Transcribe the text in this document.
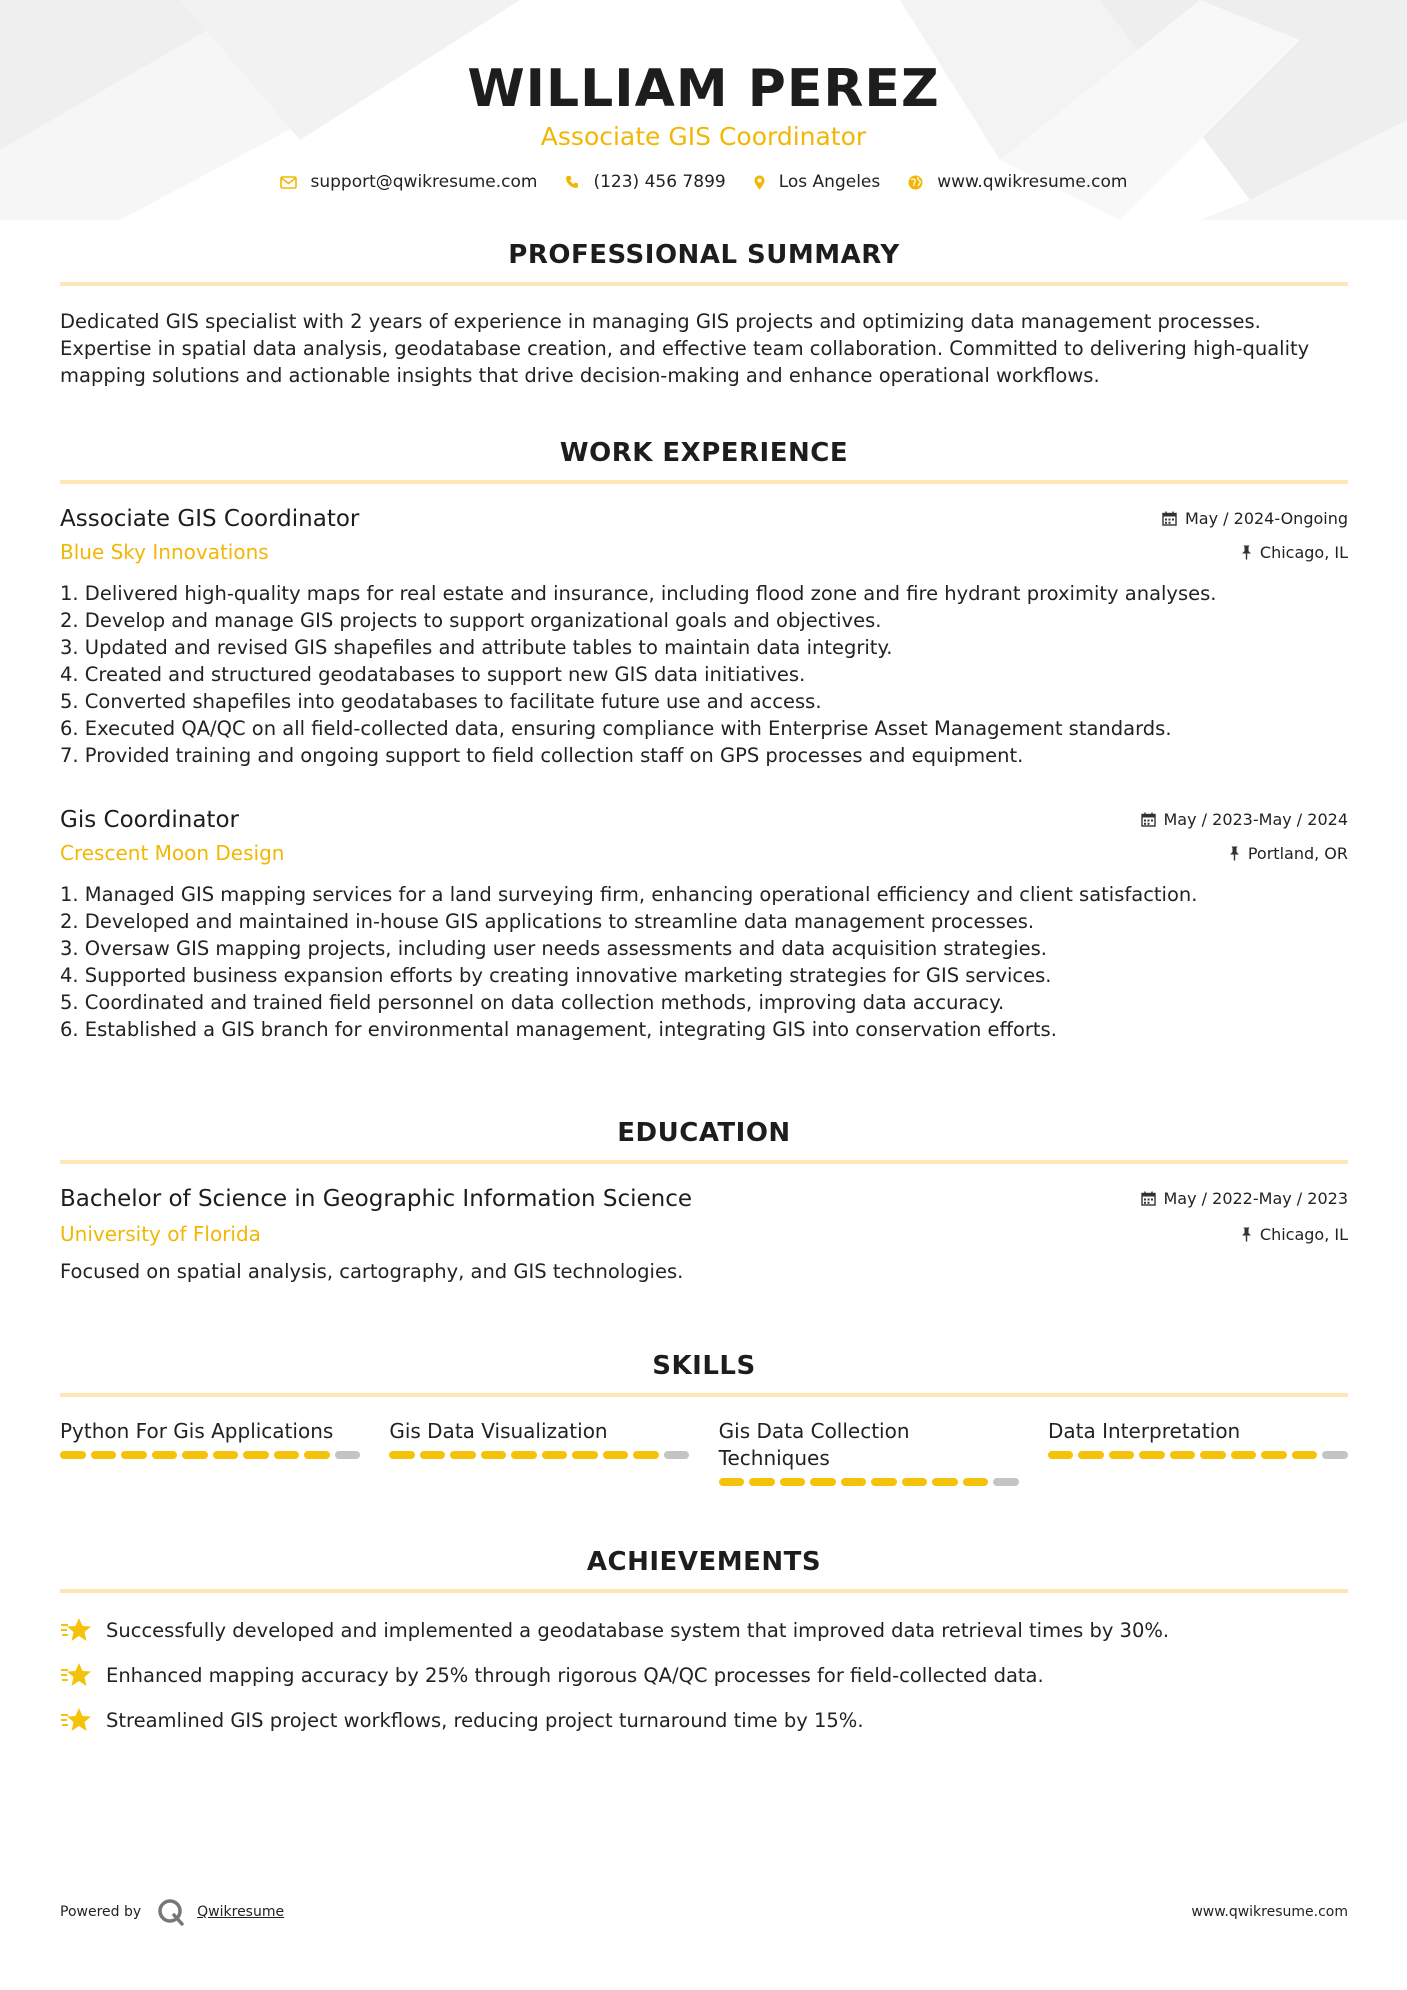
WILLIAM PEREZ
Associate GIS Coordinator
support@qwikresume.com	(123) 456 7899	Los Angeles	www.qwikresume.com
PROFESSIONAL SUMMARY
Dedicated GIS specialist with 2 years of experience in managing GIS projects and optimizing data management processes. Expertise in spatial data analysis, geodatabase creation, and effective team collaboration. Committed to delivering high-quality mapping solutions and actionable insights that drive decision-making and enhance operational workflows.
WORK EXPERIENCE
Associate GIS Coordinator	May / 2024-Ongoing
Blue Sky Innovations	Chicago, IL
1. Delivered high-quality maps for real estate and insurance, including flood zone and fire hydrant proximity analyses.
2. Develop and manage GIS projects to support organizational goals and objectives.
3. Updated and revised GIS shapefiles and attribute tables to maintain data integrity.
4. Created and structured geodatabases to support new GIS data initiatives.
5. Converted shapefiles into geodatabases to facilitate future use and access.
6. Executed QA/QC on all field-collected data, ensuring compliance with Enterprise Asset Management standards.
7. Provided training and ongoing support to field collection staff on GPS processes and equipment.
Gis Coordinator	May / 2023-May / 2024
Crescent Moon Design	Portland, OR
1. Managed GIS mapping services for a land surveying firm, enhancing operational efficiency and client satisfaction.
2. Developed and maintained in-house GIS applications to streamline data management processes.
3. Oversaw GIS mapping projects, including user needs assessments and data acquisition strategies.
4. Supported business expansion efforts by creating innovative marketing strategies for GIS services.
5. Coordinated and trained field personnel on data collection methods, improving data accuracy.
6. Established a GIS branch for environmental management, integrating GIS into conservation efforts.
EDUCATION
Bachelor of Science in Geographic Information Science	May / 2022-May / 2023
University of Florida	Chicago, IL
Focused on spatial analysis, cartography, and GIS technologies.
SKILLS
Python For Gis Applications	Gis Data Visualization	Gis Data Collection Techniques
Data Interpretation
ACHIEVEMENTS
Successfully developed and implemented a geodatabase system that improved data retrieval times by 30%.
Enhanced mapping accuracy by 25% through rigorous QA/QC processes for field-collected data.
Streamlined GIS project workflows, reducing project turnaround time by 15%.
Powered by	Qwikresume	www.qwikresume.com
